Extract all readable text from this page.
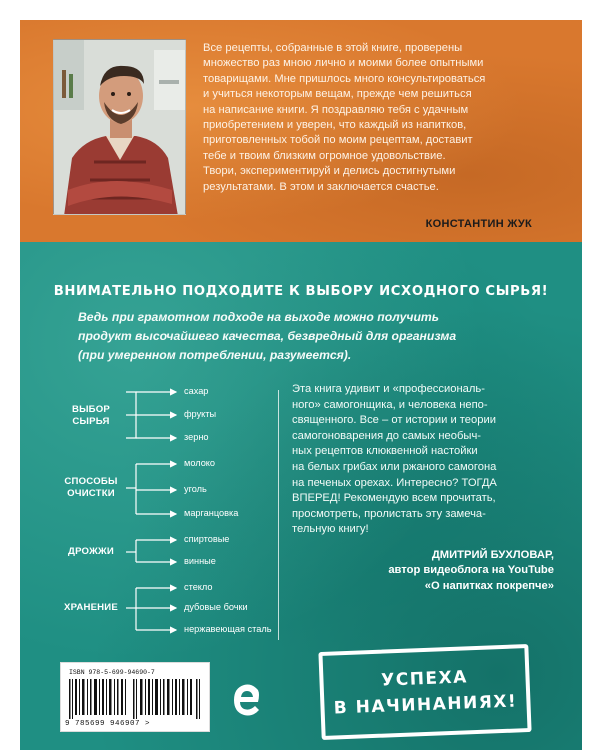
Все рецепты, собранные в этой книге, проверены
множество раз мною лично и моими более опытными
товарищами. Мне пришлось много консультироваться
и учиться некоторым вещам, прежде чем решиться
на написание книги. Я поздравляю тебя с удачным
приобретением и уверен, что каждый из напитков,
приготовленных тобой по моим рецептам, доставит
тебе и твоим близким огромное удовольствие.
Твори, экспериментируй и делись достигнутыми
результатами. В этом и заключается счастье.
КОНСТАНТИН ЖУК
ВНИМАТЕЛЬНО ПОДХОДИТЕ К ВЫБОРУ ИСХОДНОГО СЫРЬЯ!
Ведь при грамотном подходе на выходе можно получить
продукт высочайшего качества, безвредный для организма
(при умеренном потреблении, разумеется).
ВЫБОР
СЫРЬЯ
сахар
фрукты
зерно
СПОСОБЫ
ОЧИСТКИ
молоко
уголь
марганцовка
ДРОЖЖИ
спиртовые
винные
ХРАНЕНИЕ
стекло
дубовые бочки
нержавеющая сталь
Эта книга удивит и «профессиональ-
ного» самогонщика, и человека непо-
священного. Все – от истории и теории
самогоноварения до самых необыч-
ных рецептов клюквенной настойки
на белых грибах или ржаного самогона
на печеных орехах. Интересно? ТОГДА
ВПЕРЕД! Рекомендую всем прочитать,
просмотреть, пролистать эту замеча-
тельную книгу!
ДМИТРИЙ БУХЛОВАР,
автор видеоблога на YouTube
«О напитках покрепче»
ISBN 978-5-699-94690-7
9 785699 946907 >
УСПЕХА
В НАЧИНАНИЯХ!
